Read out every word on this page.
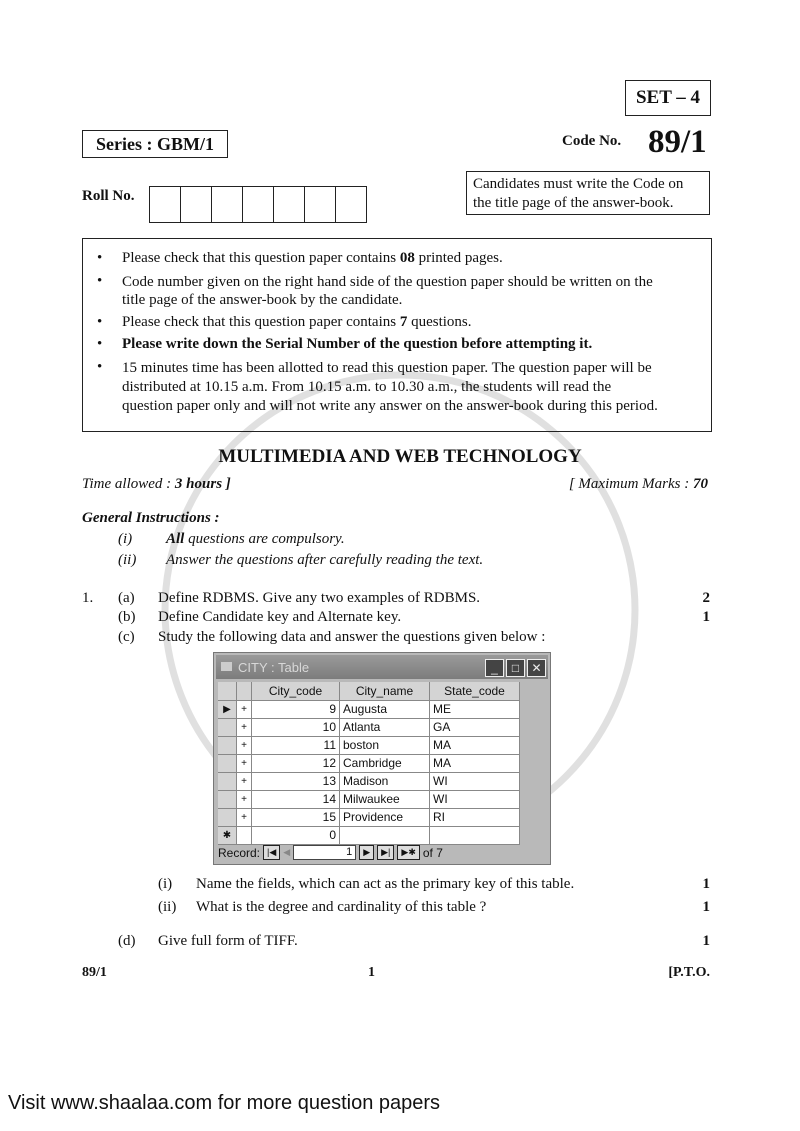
SET – 4
Series : GBM/1	Code No. 89/1
Roll No.
Candidates must write the Code on
the title page of the answer-book.
• Please check that this question paper contains 08 printed pages.
• Code number given on the right hand side of the question paper should be written on the
title page of the answer-book by the candidate.
• Please check that this question paper contains 7 questions.
• Please write down the Serial Number of the question before attempting it.
• 15 minutes time has been allotted to read this question paper. The question paper will be
distributed at 10.15 a.m. From 10.15 a.m. to 10.30 a.m., the students will read the
question paper only and will not write any answer on the answer-book during this period.
MULTIMEDIA AND WEB TECHNOLOGY
Time allowed : 3 hours ]	[ Maximum Marks : 70
General Instructions :
(i) All questions are compulsory.
(ii) Answer the questions after carefully reading the text.
1. (a) Define RDBMS. Give any two examples of RDBMS.	2
(b) Define Candidate key and Alternate key.	1
(c) Study the following data and answer the questions given below :
CITY : Table	_	□	✕
City_code	City_name	State_code
▶	+	9 Augusta	ME
+	10 Atlanta	GA
+	11 boston	MA
+	12 Cambridge	MA
+	13 Madison	WI
+	14 Milwaukee	WI
+	15 Providence	RI
✱	0
Record: |◀ ◀	1	▶	▶|	▶✱ of 7
(i) Name the fields, which can act as the primary key of this table.	1
(ii) What is the degree and cardinality of this table ?	1
(d) Give full form of TIFF.	1
89/1	1	[P.T.O.
Visit www.shaalaa.com for more question papers
